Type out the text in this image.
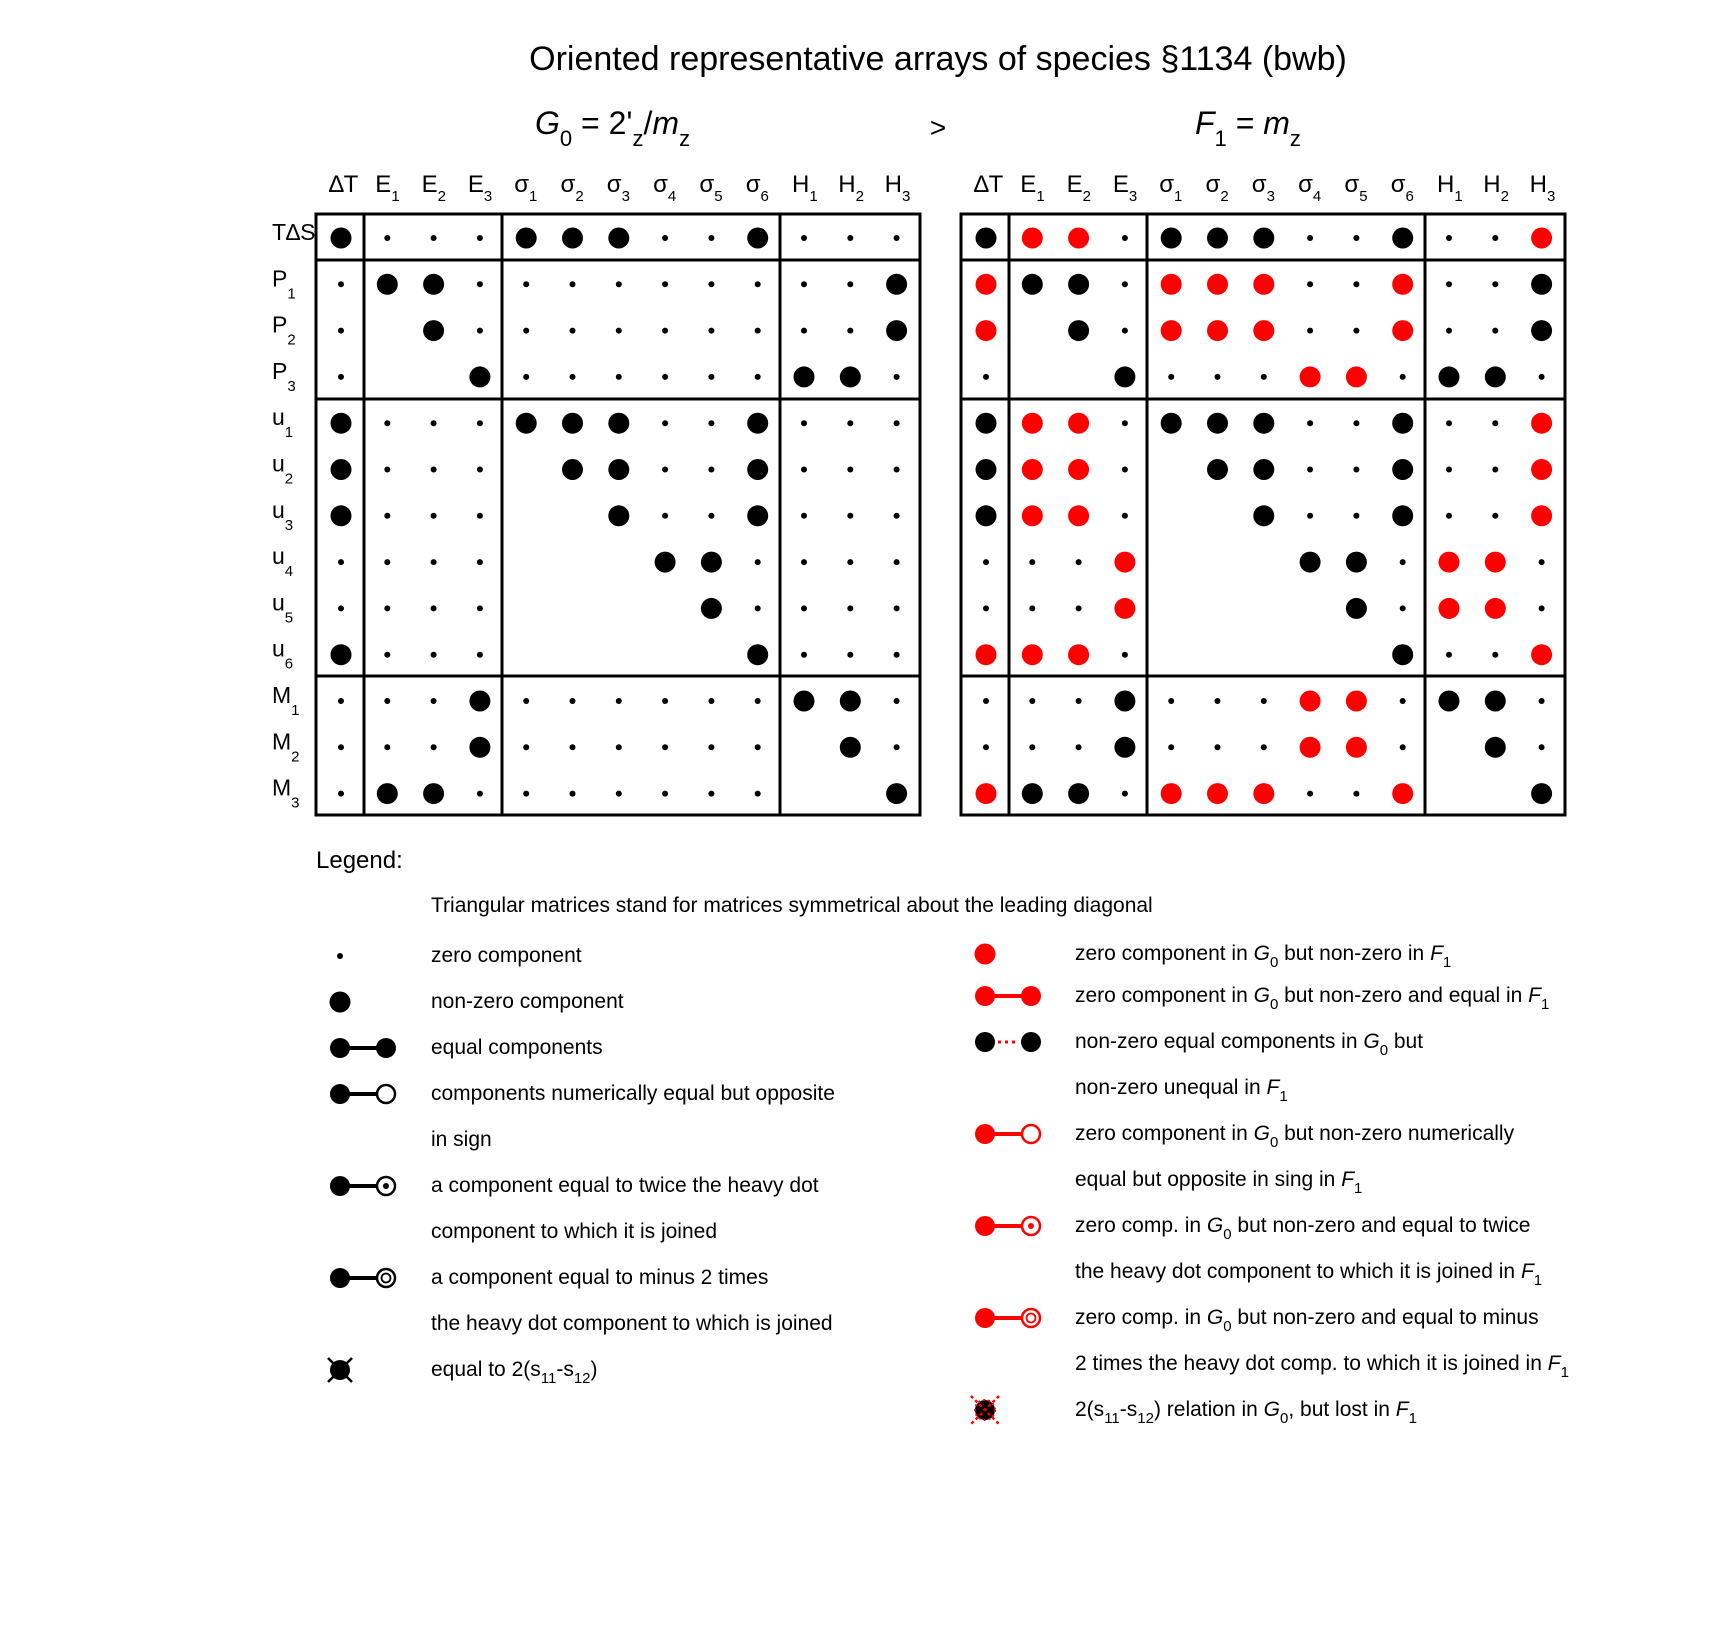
Oriented representative arrays of species §1134 (bwb)
>
$G_0 = 2'_z/m_z$
∆T $E_1$ $E_2$ $E_3$ $\sigma_1$ $\sigma_2$ $\sigma_3$ $\sigma_4$ $\sigma_5$ $\sigma_6$ $H_1$ $H_2$ $H_3$
T∆S
$P_1$
$P_2$
$P_3$
$u_1$
$u_2$
$u_3$
$u_4$
$u_5$
$u_6$
$M_1$
$M_2$
$M_3$
$F_1 = m_z$
∆T $E_1$ $E_2$ $E_3$ $\sigma_1$ $\sigma_2$ $\sigma_3$ $\sigma_4$ $\sigma_5$ $\sigma_6$ $H_1$ $H_2$ $H_3$
Legend:
Triangular matrices stand for matrices symmetrical about the leading diagonal
zero component
non-zero component
equal components
components numerically equal but opposite
in sign
a component equal to twice the heavy dot
component to which it is joined
a component equal to minus 2 times
the heavy dot component to which is joined
equal to $2(s_{11}-s_{12})$
zero component in $G_0$ but non-zero in $F_1$
zero component in $G_0$ but non-zero and equal in $F_1$
non-zero equal components in $G_0$ but
non-zero unequal in $F_1$
zero component in $G_0$ but non-zero numerically
equal but opposite in sing in $F_1$
zero comp. in $G_0$ but non-zero and equal to twice
the heavy dot component to which it is joined in $F_1$
zero comp. in $G_0$ but non-zero and equal to minus
2 times the heavy dot comp. to which it is joined in $F_1$
$2(s_{11}-s_{12})$ relation in $G_0$, but lost in $F_1$
